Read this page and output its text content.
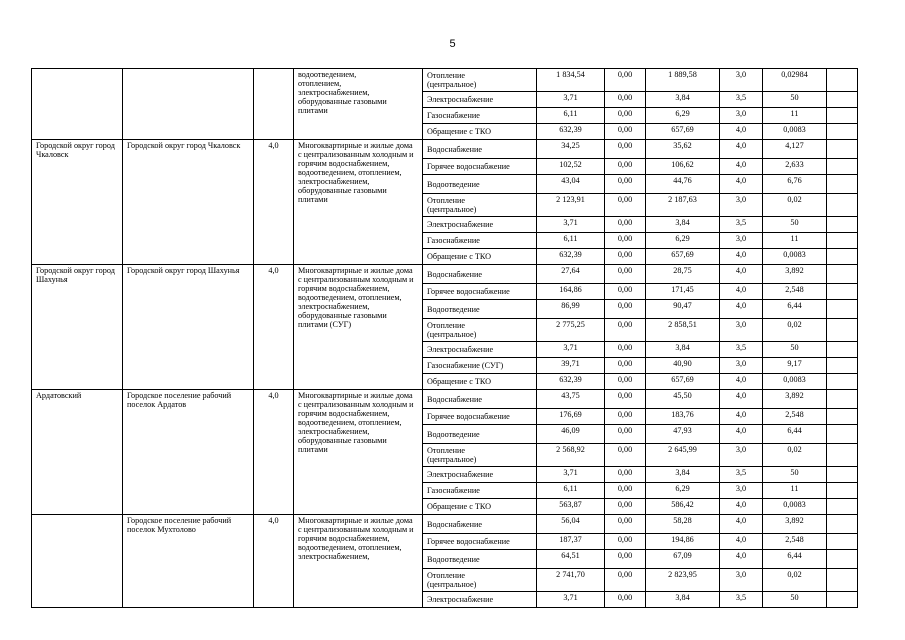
5
			водоотведением,
отоплением,
электроснабжением,
оборудованные газовыми
плитами	Отопление
(центральное)	1 834,54	0,00	1 889,58	3,0	0,02984	
				Электроснабжение	3,71	0,00	3,84	3,5	50	
				Газоснабжение	6,11	0,00	6,29	3,0	11	
				Обращение с ТКО	632,39	0,00	657,69	4,0	0,0083	
Городской округ город Чкаловск	Городской округ город Чкаловск	4,0	Многоквартирные и жилые дома с централизованным холодным и горячим водоснабжением, водоотведением, отоплением, электроснабжением, оборудованные газовыми плитами	Водоснабжение	34,25	0,00	35,62	4,0	4,127	
				Горячее водоснабжение	102,52	0,00	106,62	4,0	2,633	
				Водоотведение	43,04	0,00	44,76	4,0	6,76	
				Отопление
(центральное)	2 123,91	0,00	2 187,63	3,0	0,02	
				Электроснабжение	3,71	0,00	3,84	3,5	50	
				Газоснабжение	6,11	0,00	6,29	3,0	11	
				Обращение с ТКО	632,39	0,00	657,69	4,0	0,0083	
Городской округ город Шахунья	Городской округ город Шахунья	4,0	Многоквартирные и жилые дома с централизованным холодным и горячим водоснабжением, водоотведением, отоплением, электроснабжением, оборудованные газовыми плитами (СУГ)	Водоснабжение	27,64	0,00	28,75	4,0	3,892	
				Горячее водоснабжение	164,86	0,00	171,45	4,0	2,548	
				Водоотведение	86,99	0,00	90,47	4,0	6,44	
				Отопление
(центральное)	2 775,25	0,00	2 858,51	3,0	0,02	
				Электроснабжение	3,71	0,00	3,84	3,5	50	
				Газоснабжение (СУГ)	39,71	0,00	40,90	3,0	9,17	
				Обращение с ТКО	632,39	0,00	657,69	4,0	0,0083	
Ардатовский	Городское поселение рабочий поселок Ардатов	4,0	Многоквартирные и жилые дома с централизованным холодным и горячим водоснабжением, водоотведением, отоплением, электроснабжением, оборудованные газовыми плитами	Водоснабжение	43,75	0,00	45,50	4,0	3,892	
				Горячее водоснабжение	176,69	0,00	183,76	4,0	2,548	
				Водоотведение	46,09	0,00	47,93	4,0	6,44	
				Отопление
(центральное)	2 568,92	0,00	2 645,99	3,0	0,02	
				Электроснабжение	3,71	0,00	3,84	3,5	50	
				Газоснабжение	6,11	0,00	6,29	3,0	11	
				Обращение с ТКО	563,87	0,00	586,42	4,0	0,0083	
	Городское поселение рабочий поселок Мухтолово	4,0	Многоквартирные и жилые дома с централизованным холодным и горячим водоснабжением, водоотведением, отоплением, электроснабжением,	Водоснабжение	56,04	0,00	58,28	4,0	3,892	
				Горячее водоснабжение	187,37	0,00	194,86	4,0	2,548	
				Водоотведение	64,51	0,00	67,09	4,0	6,44	
				Отопление
(центральное)	2 741,70	0,00	2 823,95	3,0	0,02	
				Электроснабжение	3,71	0,00	3,84	3,5	50	
